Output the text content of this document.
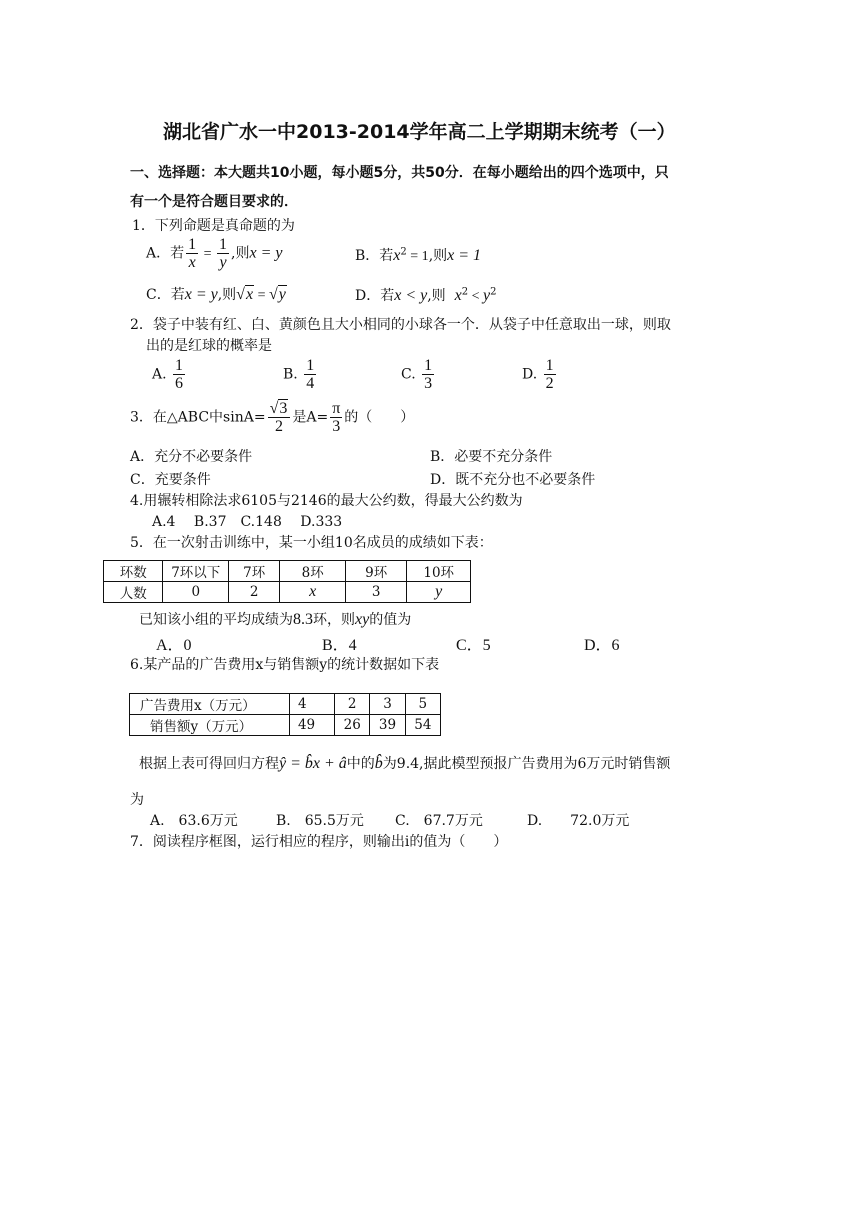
湖北省广水一中2013-2014学年高二上学期期末统考（一）
一、选择题：本大题共10小题，每小题5分，共50分．在每小题给出的四个选项中，只
有一个是符合题目要求的．
1．下列命题是真命题的为
A．若 $\frac{1}{x} = \frac{1}{y}$ ,则x = y	B．若$x^2 = 1$,则x = 1
C．若x = y,则√x = √y	D．若x < y,则 $x^2 < y^2$
2．袋子中装有红、白、黄颜色且大小相同的小球各一个．从袋子中任意取出一球，则取
出的是红球的概率是
A. $\frac{1}{6}$	B. $\frac{1}{4}$	C. $\frac{1}{3}$	D. $\frac{1}{2}$
3．在△ABC中$\sin A= \frac{√3}{2}$ 是$A= \frac{\pi}{3}$ 的（　　）
A．充分不必要条件	B．必要不充分条件
C．充要条件	D．既不充分也不必要条件
4.用辗转相除法求6105与2146的最大公约数，得最大公约数为
A.4　 B.37　C.148　 D.333
5．在一次射击训练中，某一小组10名成员的成绩如下表：
环数	7环以下	7环	8环	9环	10环
人数	0	2	x	3	y
已知该小组的平均成绩为8.3环，则xy的值为
A．0	B．4	C．5	D．6
6.某产品的广告费用x与销售额y的统计数据如下表
广告费用x（万元）	4	2	3	5
销售额y（万元）	49	26	39	54
根据上表可得回归方程ŷ = b̂x + â中的b̂为9.4,据此模型预报广告费用为6万元时销售额
为
A.　63.6万元	B.　65.5万元 C.　67.7万元	D.　　72.0万元
7．阅读程序框图，运行相应的程序，则输出i的值为（　　）
